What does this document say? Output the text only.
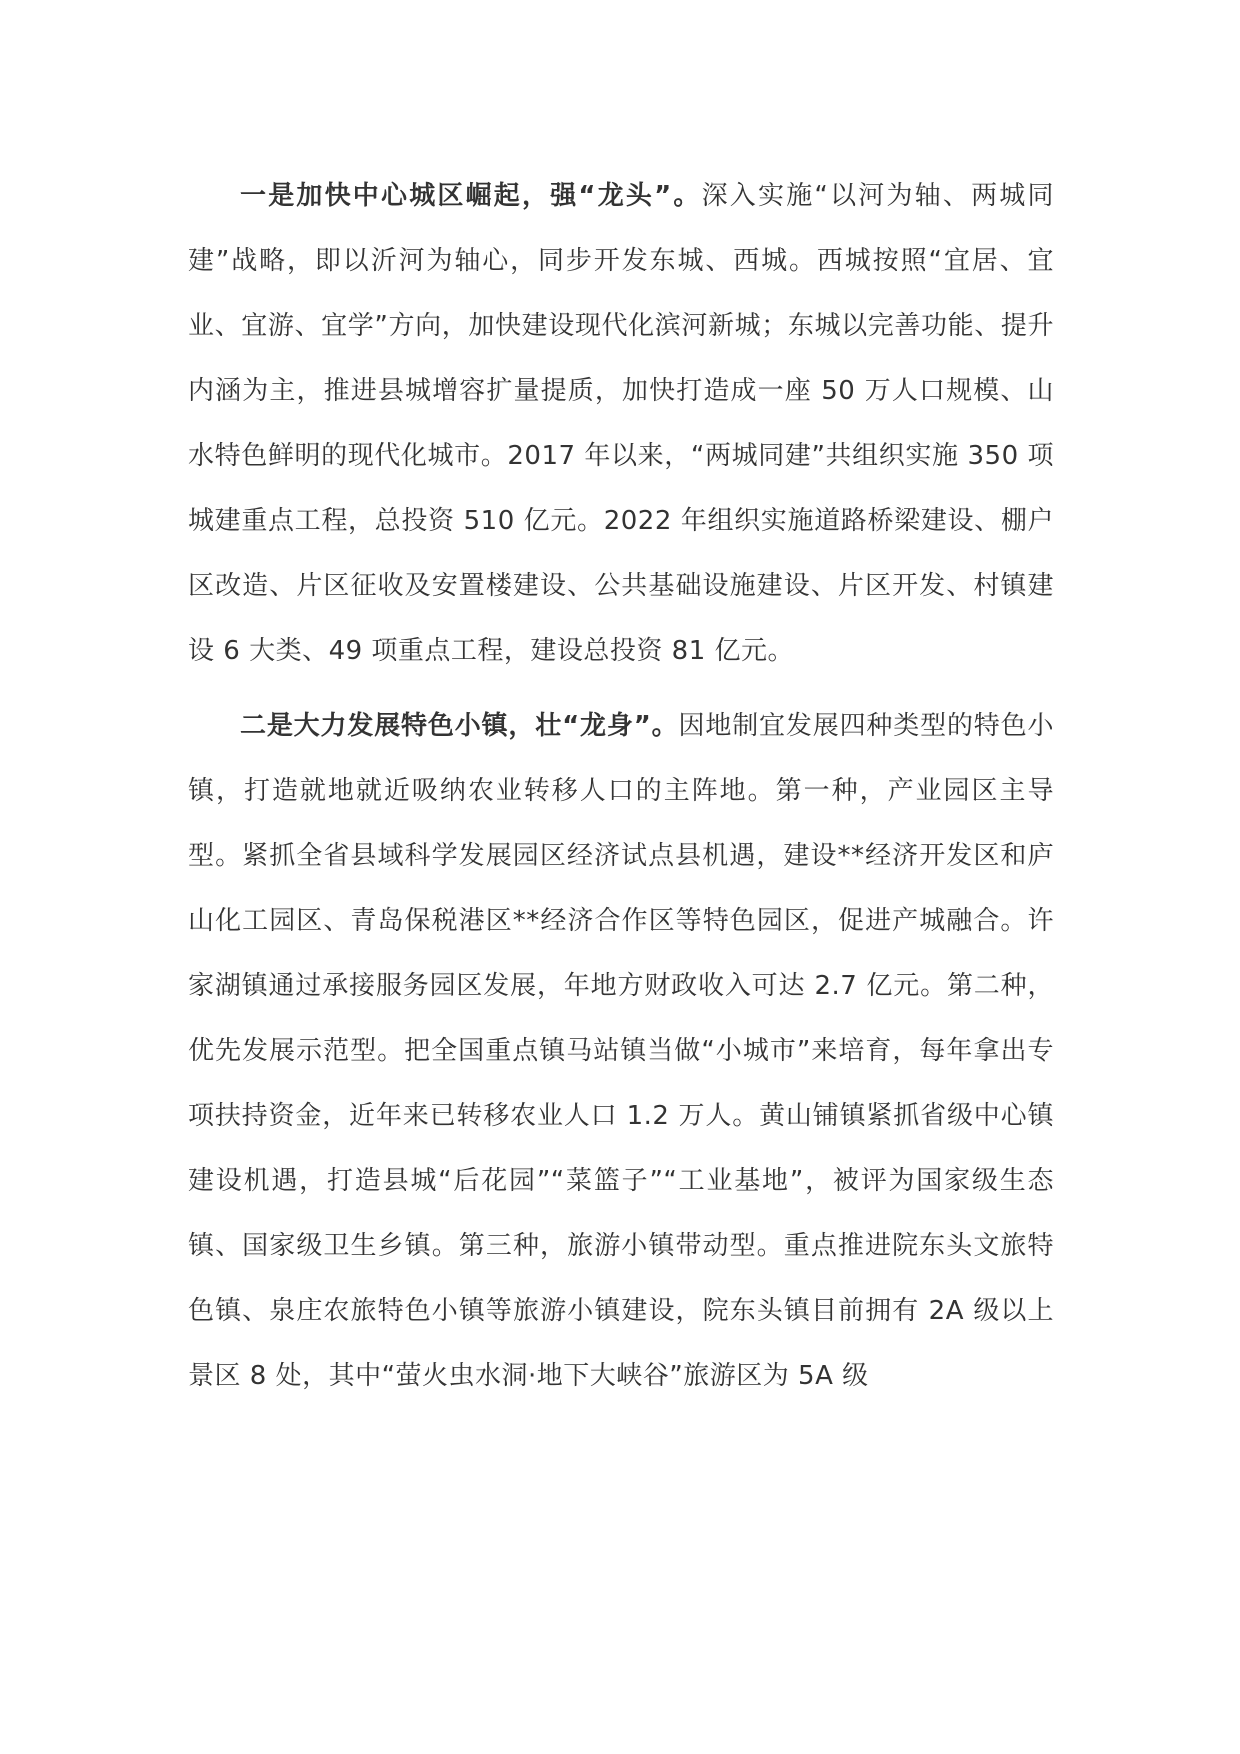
一是加快中心城区崛起，强“龙头”。深入实施“以河为轴、两城同建”战略，即以沂河为轴心，同步开发东城、西城。西城按照“宜居、宜业、宜游、宜学”方向，加快建设现代化滨河新城；东城以完善功能、提升内涵为主，推进县城增容扩量提质，加快打造成一座 50 万人口规模、山水特色鲜明的现代化城市。2017 年以来，“两城同建”共组织实施 350 项城建重点工程，总投资 510 亿元。2022 年组织实施道路桥梁建设、棚户区改造、片区征收及安置楼建设、公共基础设施建设、片区开发、村镇建设 6 大类、49 项重点工程，建设总投资 81 亿元。

二是大力发展特色小镇，壮“龙身”。因地制宜发展四种类型的特色小镇，打造就地就近吸纳农业转移人口的主阵地。第一种，产业园区主导型。紧抓全省县域科学发展园区经济试点县机遇，建设**经济开发区和庐山化工园区、青岛保税港区**经济合作区等特色园区，促进产城融合。许家湖镇通过承接服务园区发展，年地方财政收入可达 2.7 亿元。第二种，优先发展示范型。把全国重点镇马站镇当做“小城市”来培育，每年拿出专项扶持资金，近年来已转移农业人口 1.2 万人。黄山铺镇紧抓省级中心镇建设机遇，打造县城“后花园”“菜篮子”“工业基地”，被评为国家级生态镇、国家级卫生乡镇。第三种，旅游小镇带动型。重点推进院东头文旅特色镇、泉庄农旅特色小镇等旅游小镇建设，院东头镇目前拥有 2A 级以上景区 8 处，其中“萤火虫水洞·地下大峡谷”旅游区为 5A 级
